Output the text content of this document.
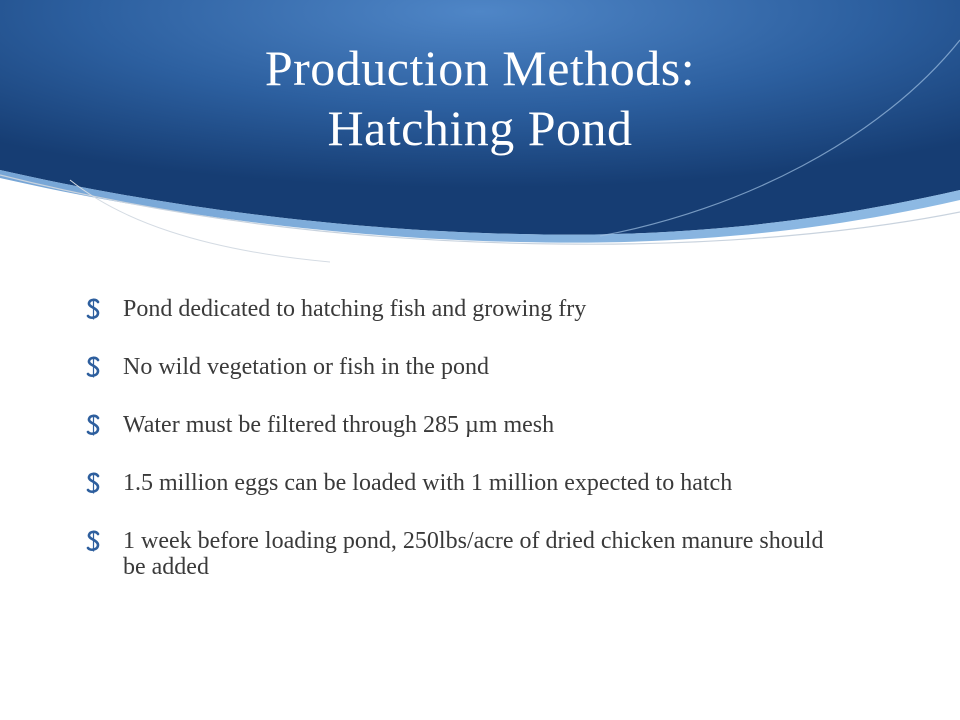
Production Methods:
Hatching Pond
Pond dedicated to hatching fish and growing fry
No wild vegetation or fish in the pond
Water must be filtered through 285 µm mesh
1.5 million eggs can be loaded with 1 million expected to hatch
1 week before loading pond, 250lbs/acre of dried chicken manure should be added
